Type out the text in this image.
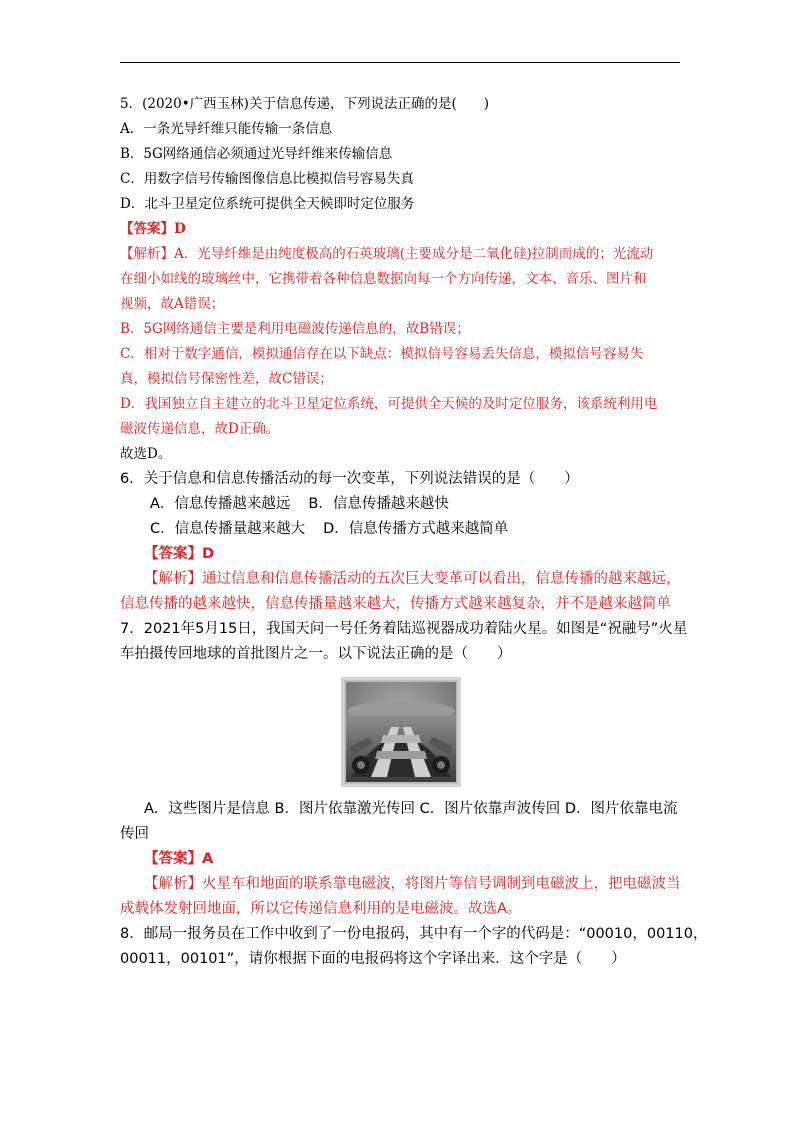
5．(2020•广西玉林)关于信息传递，下列说法正确的是(　　)
A．一条光导纤维只能传输一条信息
B．5G网络通信必须通过光导纤维来传输信息
C．用数字信号传输图像信息比模拟信号容易失真
D．北斗卫星定位系统可提供全天候即时定位服务
【答案】D
【解析】A．光导纤维是由纯度极高的石英玻璃(主要成分是二氧化硅)拉制而成的；光流动
在细小如线的玻璃丝中，它携带着各种信息数据向每一个方向传递，文本、音乐、图片和
视频，故A错误；
B．5G网络通信主要是利用电磁波传递信息的，故B错误；
C．相对于数字通信，模拟通信存在以下缺点：模拟信号容易丢失信息，模拟信号容易失
真，模拟信号保密性差，故C错误；
D．我国独立自主建立的北斗卫星定位系统，可提供全天候的及时定位服务，该系统利用电
磁波传递信息，故D正确。
故选D。
6．关于信息和信息传播活动的每一次变革，下列说法错误的是（　　）
A．信息传播越来越远 B．信息传播越来越快
C．信息传播量越来越大 D．信息传播方式越来越简单
【答案】D
【解析】通过信息和信息传播活动的五次巨大变革可以看出，信息传播的越来越远，
信息传播的越来越快，信息传播量越来越大，传播方式越来越复杂，并不是越来越简单
7．2021年5月15日，我国天问一号任务着陆巡视器成功着陆火星。如图是“祝融号”火星
车拍摄传回地球的首批图片之一。以下说法正确的是（　　）
A．这些图片是信息 B．图片依靠激光传回 C．图片依靠声波传回 D．图片依靠电流
传回
【答案】A
【解析】火星车和地面的联系靠电磁波，将图片等信号调制到电磁波上，把电磁波当
成载体发射回地面，所以它传递信息利用的是电磁波。故选A。
8．邮局一报务员在工作中收到了一份电报码，其中有一个字的代码是：“00010，00110，
00011，00101”，请你根据下面的电报码将这个字译出来．这个字是（　　）
